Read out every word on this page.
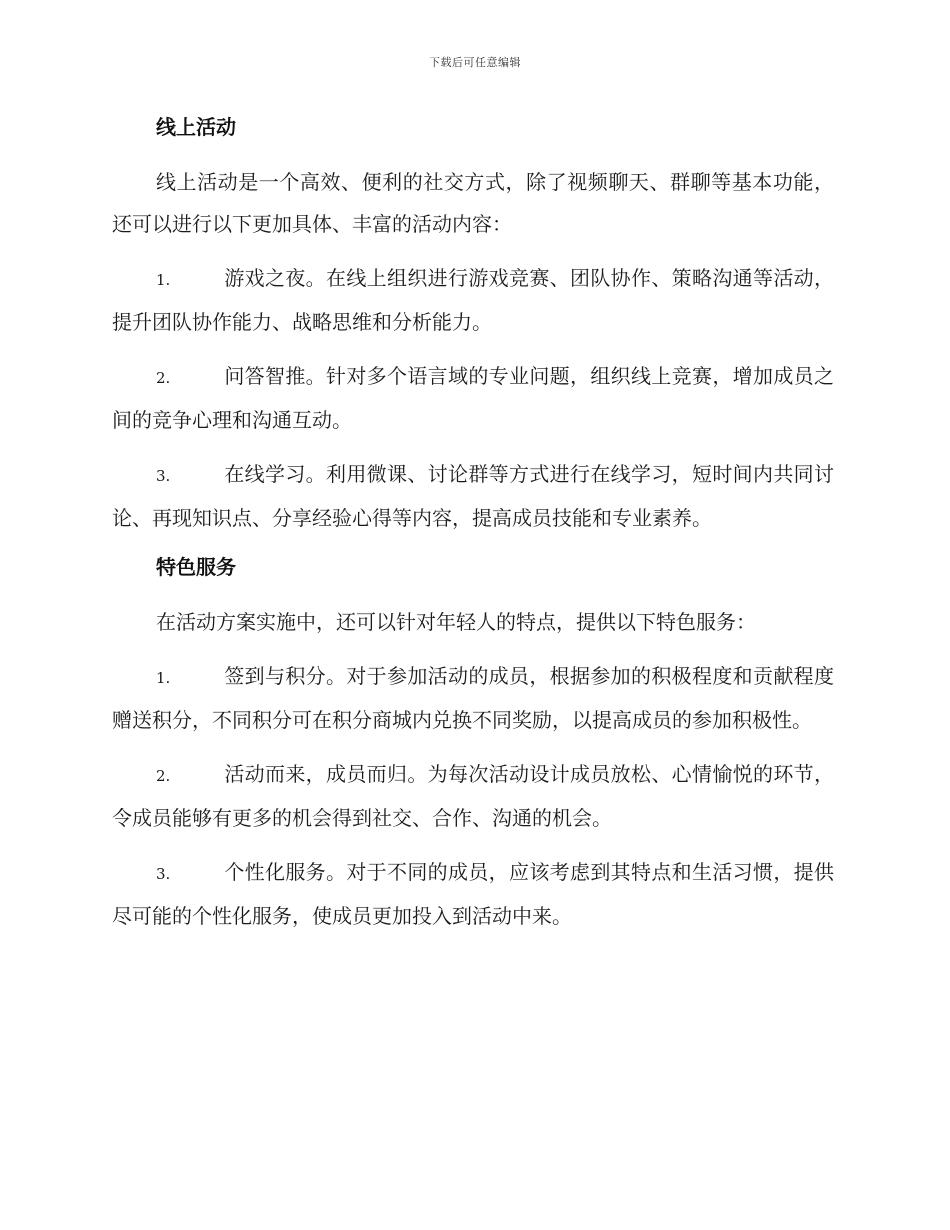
下载后可任意编辑
线上活动

线上活动是一个高效、便利的社交方式，除了视频聊天、群聊等基本功能，还可以进行以下更加具体、丰富的活动内容：

1.	游戏之夜。在线上组织进行游戏竞赛、团队协作、策略沟通等活动，提升团队协作能力、战略思维和分析能力。

2.	问答智推。针对多个语言域的专业问题，组织线上竞赛，增加成员之间的竞争心理和沟通互动。

3.	在线学习。利用微课、讨论群等方式进行在线学习，短时间内共同讨论、再现知识点、分享经验心得等内容，提高成员技能和专业素养。

特色服务

在活动方案实施中，还可以针对年轻人的特点，提供以下特色服务：

1.	签到与积分。对于参加活动的成员，根据参加的积极程度和贡献程度赠送积分，不同积分可在积分商城内兑换不同奖励，以提高成员的参加积极性。

2.	活动而来，成员而归。为每次活动设计成员放松、心情愉悦的环节，令成员能够有更多的机会得到社交、合作、沟通的机会。

3.	个性化服务。对于不同的成员，应该考虑到其特点和生活习惯，提供尽可能的个性化服务，使成员更加投入到活动中来。
